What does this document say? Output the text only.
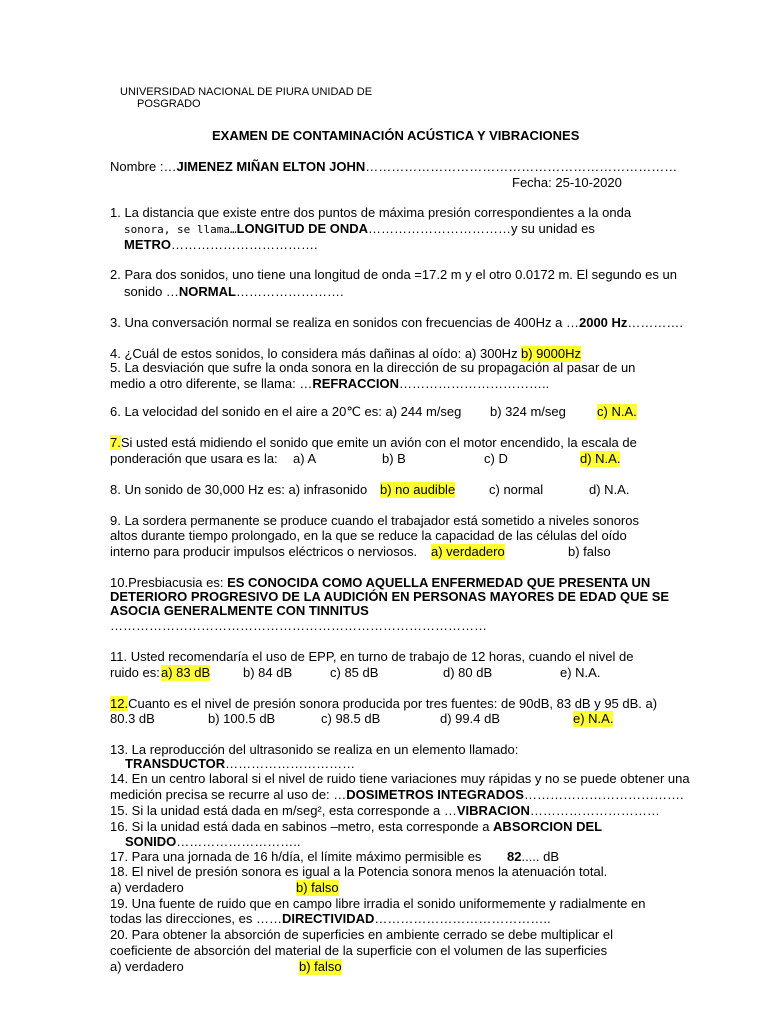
UNIVERSIDAD NACIONAL DE PIURA UNIDAD DE
POSGRADO
EXAMEN DE CONTAMINACIÓN ACÚSTICA Y VIBRACIONES
Nombre :…JIMENEZ MIÑAN ELTON JOHN………………………………………………………………
Fecha: 25-10-2020
1. La distancia que existe entre dos puntos de máxima presión correspondientes a la onda
sonora, se llama…LONGITUD DE ONDA……………………………y su unidad es
METRO…………………………….
2. Para dos sonidos, uno tiene una longitud de onda =17.2 m y el otro 0.0172 m. El segundo es un
sonido …NORMAL…………………….
3. Una conversación normal se realiza en sonidos con frecuencias de 400Hz a …2000 Hz………….
4. ¿Cuál de estos sonidos, lo considera más dañinas al oído: a) 300Hz b) 9000Hz
5. La desviación que sufre la onda sonora en la dirección de su propagación al pasar de un
medio a otro diferente, se llama: …REFRACCION……………………………..
6. La velocidad del sonido en el aire a 20℃ es: a) 244 m/seg b) 324 m/seg c) N.A.
7.Si usted está midiendo el sonido que emite un avión con el motor encendido, la escala de
ponderación que usara es la: a) A	b) B	c) D	d) N.A.
8. Un sonido de 30,000 Hz es: a) infrasonido b) no audible	c) normal	d) N.A.
9. La sordera permanente se produce cuando el trabajador está sometido a niveles sonoros
altos durante tiempo prolongado, en la que se reduce la capacidad de las células del oído
interno para producir impulsos eléctricos o nerviosos. a) verdadero	b) falso
10.Presbiacusia es: ES CONOCIDA COMO AQUELLA ENFERMEDAD QUE PRESENTA UN
DETERIORO PROGRESIVO DE LA AUDICIÓN EN PERSONAS MAYORES DE EDAD QUE SE
ASOCIA GENERALMENTE CON TINNITUS
……………………………………………………………………………
11. Usted recomendaría el uso de EPP, en turno de trabajo de 12 horas, cuando el nivel de
ruido es: a) 83 dB	b) 84 dB	c) 85 dB	d) 80 dB	e) N.A.
12.Cuanto es el nivel de presión sonora producida por tres fuentes: de 90dB, 83 dB y 95 dB. a)
80.3 dB	b) 100.5 dB	c) 98.5 dB	d) 99.4 dB	e) N.A.
13. La reproducción del ultrasonido se realiza en un elemento llamado:
TRANSDUCTOR…………………………
14. En un centro laboral si el nivel de ruido tiene variaciones muy rápidas y no se puede obtener una
medición precisa se recurre al uso de: …DOSIMETROS INTEGRADOS……………………………….
15. Si la unidad está dada en m/seg², esta corresponde a …VIBRACION…………………………
16. Si la unidad está dada en sabinos –metro, esta corresponde a ABSORCION DEL
SONIDO………………………..
17. Para una jornada de 16 h/día, el límite máximo permisible es 82..... dB
18. El nivel de presión sonora es igual a la Potencia sonora menos la atenuación total.
a) verdadero	b) falso
19. Una fuente de ruido que en campo libre irradia el sonido uniformemente y radialmente en
todas las direcciones, es ……DIRECTIVIDAD…………………………………..
20. Para obtener la absorción de superficies en ambiente cerrado se debe multiplicar el
coeficiente de absorción del material de la superficie con el volumen de las superficies
a) verdadero	b) falso
